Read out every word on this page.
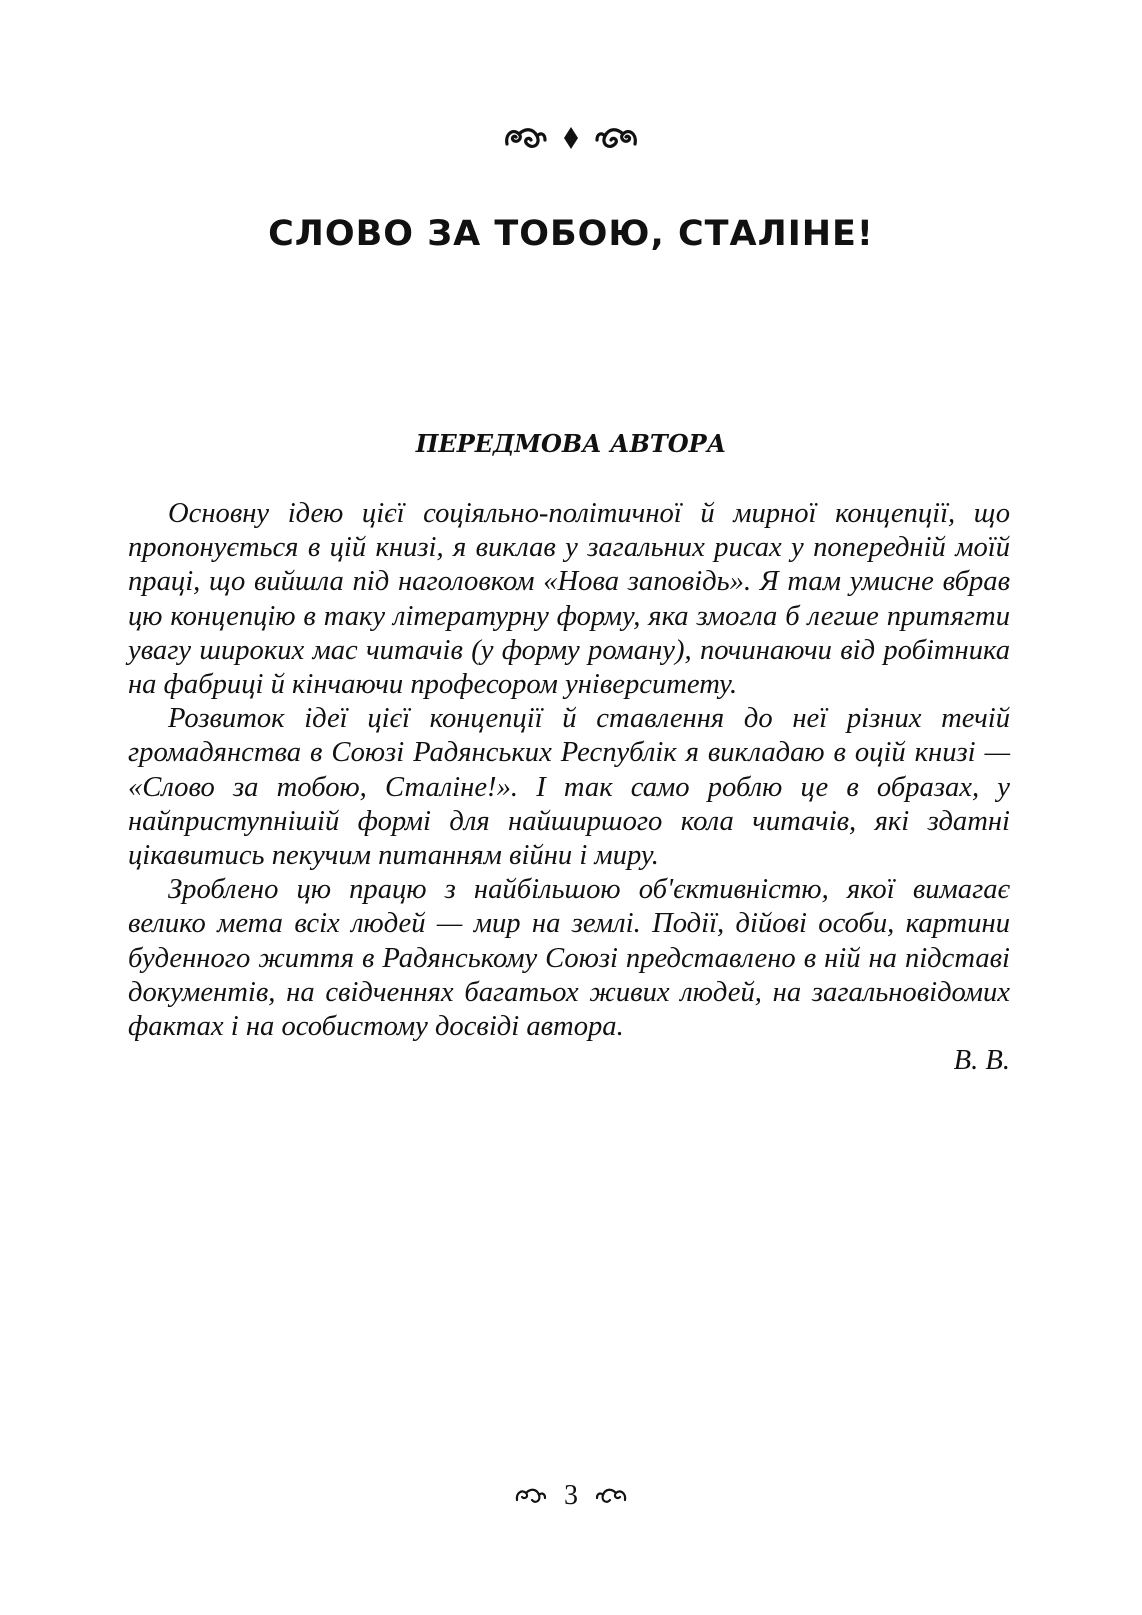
СЛОВО ЗА ТОБОЮ, СТАЛІНЕ!
ПЕРЕДМОВА АВТОРА

Основну ідею цієї соціяльно-політичної й мирної концепції, що пропонується в цій книзі, я виклав у загальних рисах у попередній моїй праці, що вийшла під наголовком «Нова заповідь». Я там умисне вбрав цю концепцію в таку літературну форму, яка змогла б легше притягти увагу широких мас читачів (у форму роману), починаючи від робітника на фабриці й кінчаючи професором університету.

Розвиток ідеї цієї концепції й ставлення до неї різних течій громадянства в Союзі Радянських Республік я викладаю в оцій книзі — «Слово за тобою, Сталіне!». І так само роблю це в образах, у найприступнішій формі для найширшого кола читачів, які здатні цікавитись пекучим питанням війни і миру.

Зроблено цю працю з найбільшою об'єктивністю, якої вимагає велико мета всіх людей — мир на землі. Події, дійові особи, картини буденного життя в Радянському Союзі представлено в ній на підставі документів, на свідченнях багатьох живих людей, на загальновідомих фактах і на особистому досвіді автора.

В. В.

3
